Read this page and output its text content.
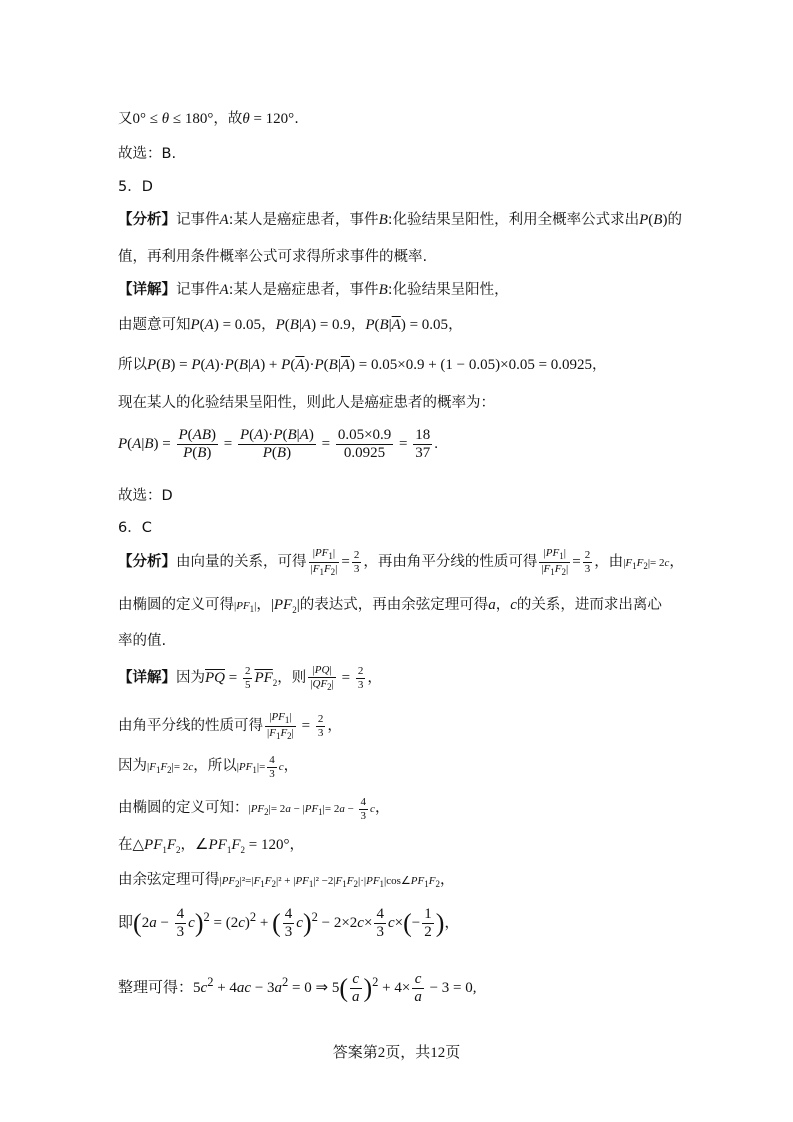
又0° ≤ θ ≤ 180°，故θ = 120°.
故选：B.
5．D
【分析】记事件A:某人是癌症患者，事件B:化验结果呈阳性，利用全概率公式求出P(B)的
值，再利用条件概率公式可求得所求事件的概率.
【详解】记事件A:某人是癌症患者，事件B:化验结果呈阳性，
由题意可知P(A) = 0.05，P(B|A) = 0.9，$P(B|\overline{A}) = 0.05$，
所以$P(B) = P(A)\cdot P(B|A) + P(\overline{A})\cdot P(B|\overline{A}) = 0.05\times 0.9 + (1 - 0.05)\times 0.05 = 0.0925$，
现在某人的化验结果呈阳性，则此人是癌症患者的概率为：
$P(A|B) = \frac{P(AB)}{P(B)} = \frac{P(A)\cdot P(B|A)}{P(B)} = \frac{0.05\times 0.9}{0.0925} = \frac{18}{37}$ .
故选：D
6．C
【分析】由向量的关系，可得 $\frac{|PF_1|}{|F_1F_2|} = \frac{2}{3}$ ，再由角平分线的性质可得 $\frac{|PF_1|}{|F_1F_2|} = \frac{2}{3}$ ，由$|F_1F_2|= 2c$，
由椭圆的定义可得$|PF_1|$，$|PF_2|$的表达式，再由余弦定理可得a，c的关系，进而求出离心
率的值.
【详解】因为$\overline{PQ} = \frac{2}{5} \overline{PF}_2$，则 $\frac{|PQ|}{|QF_2|} = \frac{2}{3}$ ，
由角平分线的性质可得 $\frac{|PF_1|}{|F_1F_2|} = \frac{2}{3}$ ，
因为$|F_1F_2|= 2c$，所以$|PF_1|= \frac{4}{3}$ c，
由椭圆的定义可知：$|PF_2|= 2a - |PF_1|= 2a - \frac{4}{3}$ c，
在$\triangle PF_1F_2$，$\angle PF_1F_2 = 120^\circ$，
由余弦定理可得$|PF_2|^2=|F_1F_2|^2 + |PF_1|^2$ $-2|F_1F_2|\cdot|PF_1|\cos\angle PF_1F_2$，
即$(2a - \frac{4}{3} c)^2 = (2c)^2$ + ( $\frac{4}{3} c)^2 - 2\times 2c\times \frac{4}{3} c\times(- \frac{1}{2}$ )，
整理可得：$5c^2 + 4ac - 3a^2 = 0$ ⇒ $5( \frac{c}{a} )^2 + 4\times \frac{c}{a} - 3 = 0$,
答案第2页，共12页
